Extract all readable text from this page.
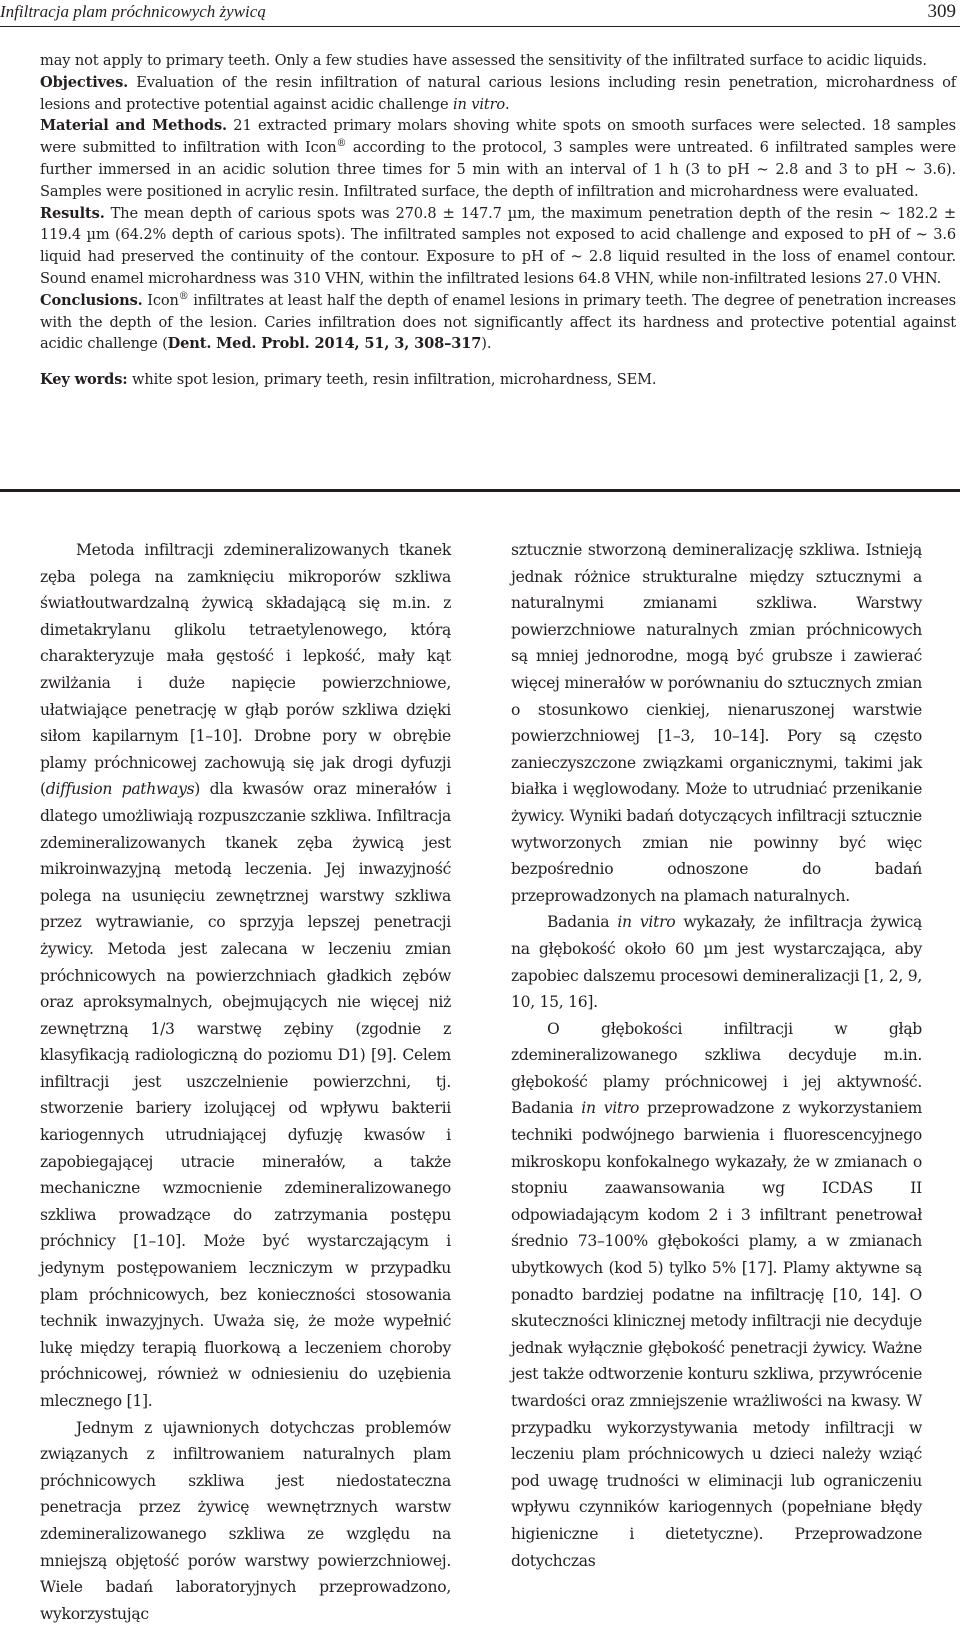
Infiltracja plam próchnicowych żywicą	309

may not apply to primary teeth. Only a few studies have assessed the sensitivity of the infiltrated surface to acidic liquids.

Objectives. Evaluation of the resin infiltration of natural carious lesions including resin penetration, microhardness of lesions and protective potential against acidic challenge in vitro.

Material and Methods. 21 extracted primary molars shoving white spots on smooth surfaces were selected. 18 samples were submitted to infiltration with Icon® according to the protocol, 3 samples were untreated. 6 infiltrated samples were further immersed in an acidic solution three times for 5 min with an interval of 1 h (3 to pH ~ 2.8 and 3 to pH ~ 3.6). Samples were positioned in acrylic resin. Infiltrated surface, the depth of infiltration and microhardness were evaluated.

Results. The mean depth of carious spots was 270.8 ± 147.7 µm, the maximum penetration depth of the resin ~ 182.2 ± 119.4 µm (64.2% depth of carious spots). The infiltrated samples not exposed to acid challenge and exposed to pH of ~ 3.6 liquid had preserved the continuity of the contour. Exposure to pH of ~ 2.8 liquid resulted in the loss of enamel contour. Sound enamel microhardness was 310 VHN, within the infiltrated lesions 64.8 VHN, while non-infiltrated lesions 27.0 VHN.

Conclusions. Icon® infiltrates at least half the depth of enamel lesions in primary teeth. The degree of penetration increases with the depth of the lesion. Caries infiltration does not significantly affect its hardness and protective potential against acidic challenge (Dent. Med. Probl. 2014, 51, 3, 308–317).

Key words: white spot lesion, primary teeth, resin infiltration, microhardness, SEM.

Metoda infiltracji zdemineralizowanych tkanek zęba polega na zamknięciu mikroporów szkliwa światłoutwardzalną żywicą składającą się m.in. z dimetakrylanu glikolu tetraetylenowego, którą charakteryzuje mała gęstość i lepkość, mały kąt zwilżania i duże napięcie powierzchniowe, ułatwiające penetrację w głąb porów szkliwa dzięki siłom kapilarnym [1–10]. Drobne pory w obrębie plamy próchnicowej zachowują się jak drogi dyfuzji (diffusion pathways) dla kwasów oraz minerałów i dlatego umożliwiają rozpuszczanie szkliwa. Infiltracja zdemineralizowanych tkanek zęba żywicą jest mikroinwazyjną metodą leczenia. Jej inwazyjność polega na usunięciu zewnętrznej warstwy szkliwa przez wytrawianie, co sprzyja lepszej penetracji żywicy. Metoda jest zalecana w leczeniu zmian próchnicowych na powierzchniach gładkich zębów oraz aproksymalnych, obejmujących nie więcej niż zewnętrzną 1/3 warstwę zębiny (zgodnie z klasyfikacją radiologiczną do poziomu D1) [9]. Celem infiltracji jest uszczelnienie powierzchni, tj. stworzenie bariery izolującej od wpływu bakterii kariogennych utrudniającej dyfuzję kwasów i zapobiegającej utracie minerałów, a także mechaniczne wzmocnienie zdemineralizowanego szkliwa prowadzące do zatrzymania postępu próchnicy [1–10]. Może być wystarczającym i jedynym postępowaniem leczniczym w przypadku plam próchnicowych, bez konieczności stosowania technik inwazyjnych. Uważa się, że może wypełnić lukę między terapią fluorkową a leczeniem choroby próchnicowej, również w odniesieniu do uzębienia mlecznego [1].

Jednym z ujawnionych dotychczas problemów związanych z infiltrowaniem naturalnych plam próchnicowych szkliwa jest niedostateczna penetracja przez żywicę wewnętrznych warstw zdemineralizowanego szkliwa ze względu na mniejszą objętość porów warstwy powierzchniowej. Wiele badań laboratoryjnych przeprowadzono, wykorzystując

sztucznie stworzoną demineralizację szkliwa. Istnieją jednak różnice strukturalne między sztucznymi a naturalnymi zmianami szkliwa. Warstwy powierzchniowe naturalnych zmian próchnicowych są mniej jednorodne, mogą być grubsze i zawierać więcej minerałów w porównaniu do sztucznych zmian o stosunkowo cienkiej, nienaruszonej warstwie powierzchniowej [1–3, 10–14]. Pory są często zanieczyszczone związkami organicznymi, takimi jak białka i węglowodany. Może to utrudniać przenikanie żywicy. Wyniki badań dotyczących infiltracji sztucznie wytworzonych zmian nie powinny być więc bezpośrednio odnoszone do badań przeprowadzonych na plamach naturalnych.

Badania in vitro wykazały, że infiltracja żywicą na głębokość około 60 µm jest wystarczająca, aby zapobiec dalszemu procesowi demineralizacji [1, 2, 9, 10, 15, 16].

O głębokości infiltracji w głąb zdemineralizowanego szkliwa decyduje m.in. głębokość plamy próchnicowej i jej aktywność. Badania in vitro przeprowadzone z wykorzystaniem techniki podwójnego barwienia i fluorescencyjnego mikroskopu konfokalnego wykazały, że w zmianach o stopniu zaawansowania wg ICDAS II odpowiadającym kodom 2 i 3 infiltrant penetrował średnio 73–100% głębokości plamy, a w zmianach ubytkowych (kod 5) tylko 5% [17]. Plamy aktywne są ponadto bardziej podatne na infiltrację [10, 14]. O skuteczności klinicznej metody infiltracji nie decyduje jednak wyłącznie głębokość penetracji żywicy. Ważne jest także odtworzenie konturu szkliwa, przywrócenie twardości oraz zmniejszenie wrażliwości na kwasy. W przypadku wykorzystywania metody infiltracji w leczeniu plam próchnicowych u dzieci należy wziąć pod uwagę trudności w eliminacji lub ograniczeniu wpływu czynników kariogennych (popełniane błędy higieniczne i dietetyczne). Przeprowadzone dotychczas
